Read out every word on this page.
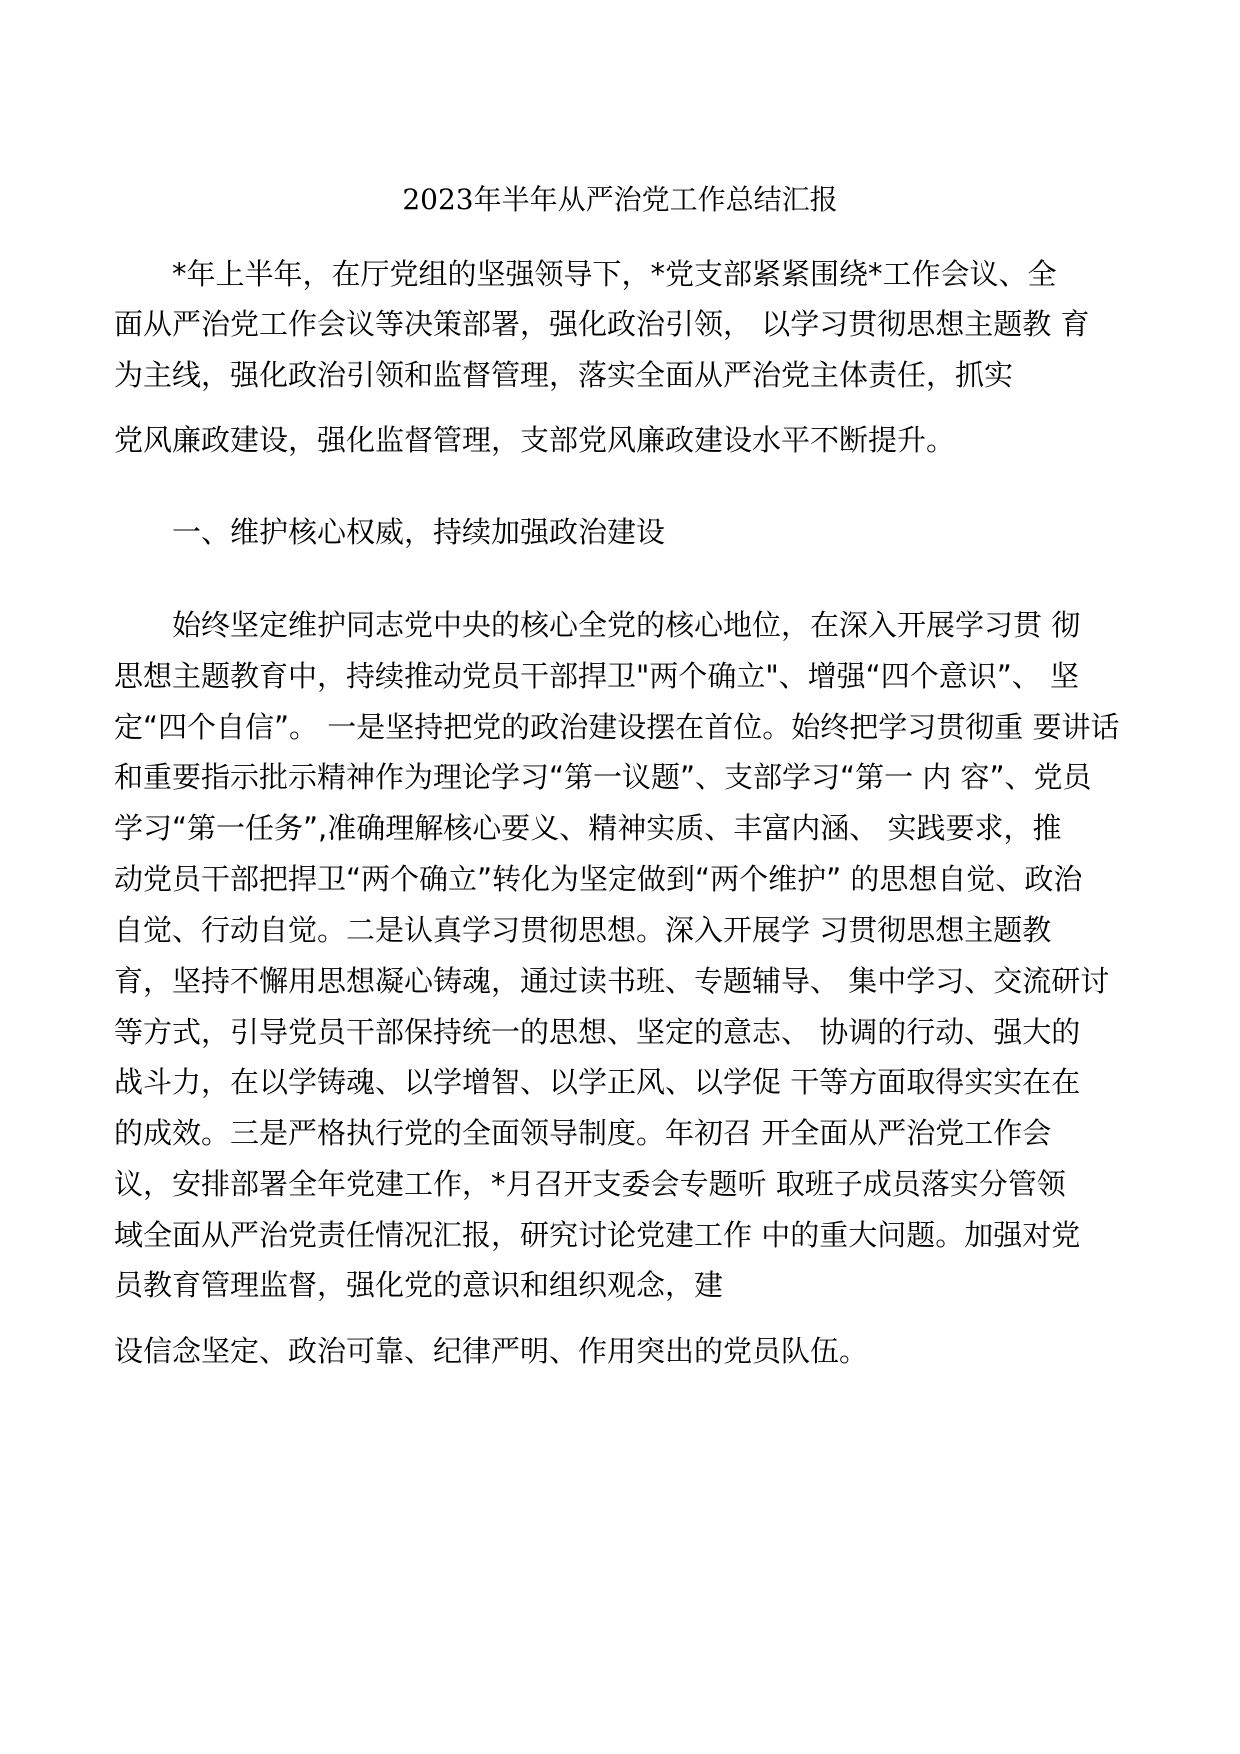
2023年半年从严治党工作总结汇报
*年上半年，在厅党组的坚强领导下，*党支部紧紧围绕*工作会议、全
面从严治党工作会议等决策部署，强化政治引领， 以学习贯彻思想主题教 育
为主线，强化政治引领和监督管理，落实全面从严治党主体责任，抓实
党风廉政建设，强化监督管理，支部党风廉政建设水平不断提升。
一、维护核心权威，持续加强政治建设
始终坚定维护同志党中央的核心全党的核心地位，在深入开展学习贯 彻
思想主题教育中，持续推动党员干部捍卫"两个确立"、增强“四个意识”、 坚
定“四个自信”。 一是坚持把党的政治建设摆在首位。始终把学习贯彻重 要讲话
和重要指示批示精神作为理论学习“第一议题”、支部学习“第一 内 容”、党员
学习“第一任务”,准确理解核心要义、精神实质、丰富内涵、 实践要求，推
动党员干部把捍卫“两个确立”转化为坚定做到“两个维护” 的思想自觉、政治
自觉、行动自觉。二是认真学习贯彻思想。深入开展学 习贯彻思想主题教
育，坚持不懈用思想凝心铸魂，通过读书班、专题辅导、 集中学习、交流研讨
等方式，引导党员干部保持统一的思想、坚定的意志、 协调的行动、强大的
战斗力，在以学铸魂、以学增智、以学正风、以学促 干等方面取得实实在在
的成效。三是严格执行党的全面领导制度。年初召 开全面从严治党工作会
议，安排部署全年党建工作，*月召开支委会专题听 取班子成员落实分管领
域全面从严治党责任情况汇报，研究讨论党建工作 中的重大问题。加强对党
员教育管理监督，强化党的意识和组织观念，建
设信念坚定、政治可靠、纪律严明、作用突出的党员队伍。
